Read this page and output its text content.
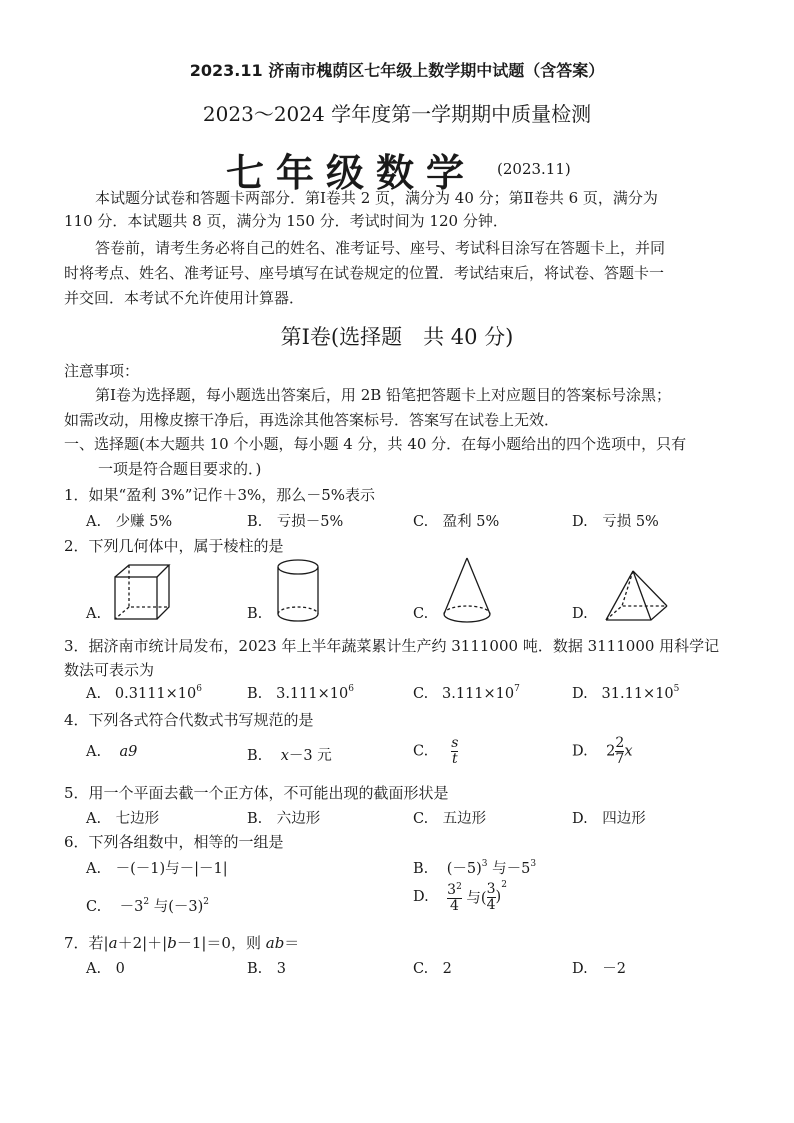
2023.11 济南市槐荫区七年级上数学期中试题（含答案）
2023～2024 学年度第一学期期中质量检测
七年级数学 (2023.11)
本试题分试卷和答题卡两部分．第Ⅰ卷共 2 页，满分为 40 分；第Ⅱ卷共 6 页，满分为
110 分．本试题共 8 页，满分为 150 分．考试时间为 120 分钟．
答卷前，请考生务必将自己的姓名、准考证号、座号、考试科目涂写在答题卡上，并同
时将考点、姓名、准考证号、座号填写在试卷规定的位置．考试结束后，将试卷、答题卡一
并交回．本考试不允许使用计算器．
第Ⅰ卷(选择题　共 40 分)
注意事项：
第Ⅰ卷为选择题，每小题选出答案后，用 2B 铅笔把答题卡上对应题目的答案标号涂黑；
如需改动，用橡皮擦干净后，再选涂其他答案标号．答案写在试卷上无效．
一、选择题(本大题共 10 个小题，每小题 4 分，共 40 分．在每小题给出的四个选项中，只有
一项是符合题目要求的．)
1．如果“盈利 3%”记作＋3%，那么－5%表示
A.　少赚 5%	B.　亏损－5%	C.　盈利 5%	D.　亏损 5%
2．下列几何体中，属于棱柱的是
A.	B.	C.	D.
3．据济南市统计局发布，2023 年上半年蔬菜累计生产约 3111000 吨．数据 3111000 用科学记
数法可表示为
A. $0.3111\times 10^6$	B. $3.111\times 10^6$	C. $3.111\times 10^7$	D. $31.11\times 10^5$
4．下列各式符合代数式书写规范的是
A. a9	B. x－3 元	C. $\frac{s}{t}$	D. $2 \frac{2}{7}$ x
5．用一个平面去截一个正方体，不可能出现的截面形状是
A.　七边形	B.　六边形	C.　五边形	D.　四边形
6．下列各组数中，相等的一组是
A.　－(－1)与－|－1|	B. $(-5)^3$ 与$-5^3$
C. $-3^2$ 与$(-3)^2$	D. $\frac{3^2}{4}$ 与( $\frac{3}{4} )^2$
7．若|a＋2|＋|b－1|＝0，则 ab＝
A.　0	B.　3	C.　2	D.　－2
